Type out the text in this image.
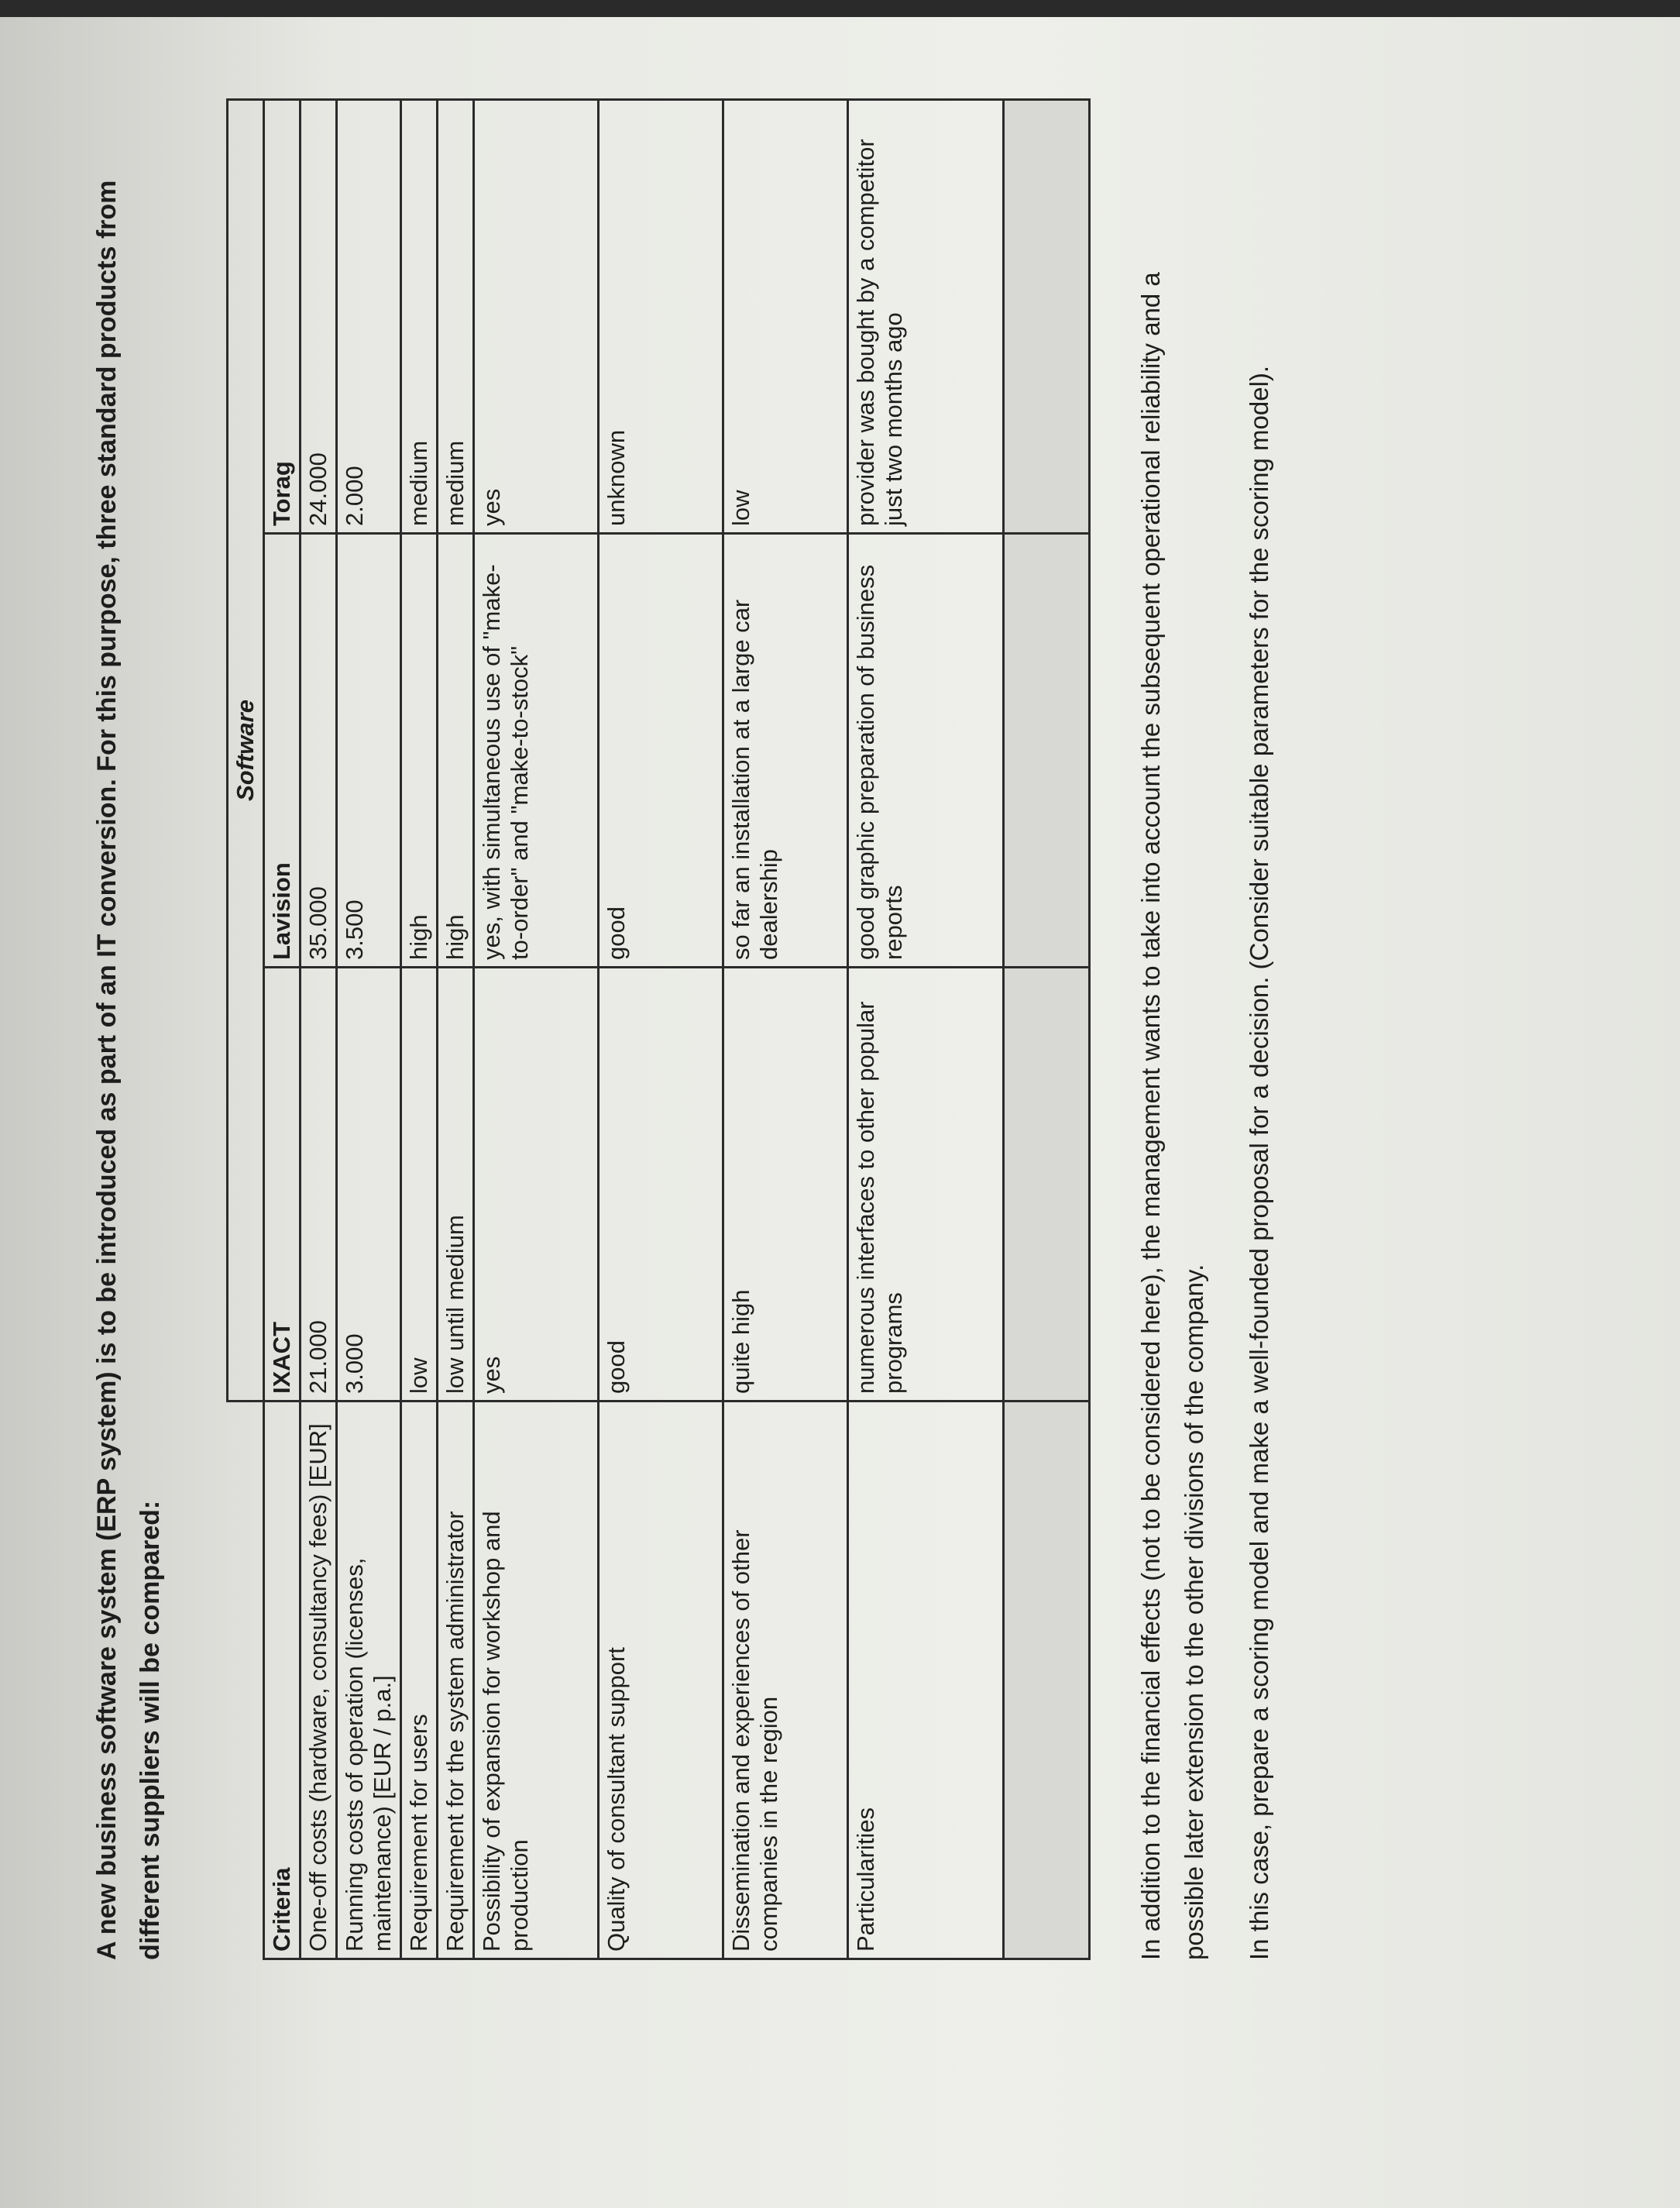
A new business software system (ERP system) is to be introduced as part of an IT conversion. For this purpose, three standard products from different suppliers will be compared:

	Software		
Criteria	IXACT	Lavision	Torag
One-off costs (hardware, consultancy fees) [EUR]	21.000	35.000	24.000
Running costs of operation (licenses, maintenance) [EUR / p.a.]	3.000	3.500	2.000
Requirement for users	low	high	medium
Requirement for the system administrator	low until medium	high	medium
Possibility of expansion for workshop and production	yes	yes, with simultaneous use of "make-to-order" and "make-to-stock"	yes
Quality of consultant support	good	good	unknown
Dissemination and experiences of other companies in the region	quite high	so far an installation at a large car dealership	low
Particularities	numerous interfaces to other popular programs	good graphic preparation of business reports	provider was bought by a competitor just two months ago
				In addition to the financial effects (not to be considered here), the management wants to take into account the subsequent operational reliability and a possible later extension to the other divisions of the company.	In this case, prepare a scoring model and make a well-founded proposal for a decision. (Consider suitable parameters for the scoring model).
